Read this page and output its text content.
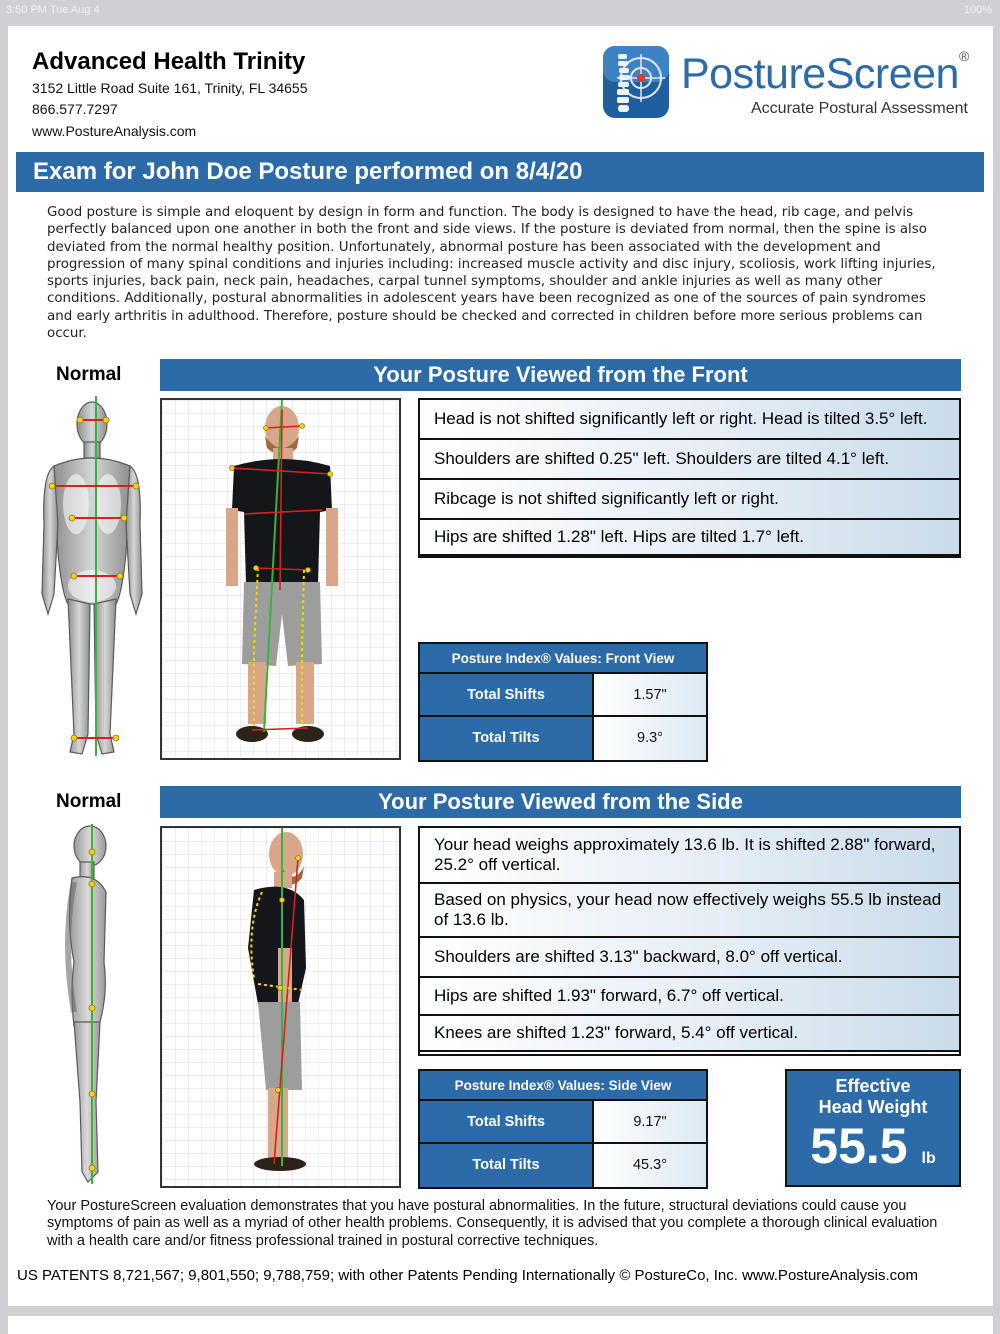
3:50 PM Tue Aug 4	100%
Advanced Health Trinity
3152 Little Road Suite 161, Trinity, FL 34655
866.577.7297
www.PostureAnalysis.com
PostureScreen ®
Accurate Postural Assessment
Exam for John Doe Posture performed on 8/4/20
Good posture is simple and eloquent by design in form and function. The body is designed to have the head, rib cage, and pelvis perfectly balanced upon one another in both the front and side views. If the posture is deviated from normal, then the spine is also deviated from the normal healthy position. Unfortunately, abnormal posture has been associated with the development and progression of many spinal conditions and injuries including: increased muscle activity and disc injury, scoliosis, work lifting injuries, sports injuries, back pain, neck pain, headaches, carpal tunnel symptoms, shoulder and ankle injuries as well as many other conditions. Additionally, postural abnormalities in adolescent years have been recognized as one of the sources of pain syndromes and early arthritis in adulthood. Therefore, posture should be checked and corrected in children before more serious problems can occur.
Normal	Your Posture Viewed from the Front
Head is not shifted significantly left or right. Head is tilted 3.5° left.
Shoulders are shifted 0.25" left. Shoulders are tilted 4.1° left.
Ribcage is not shifted significantly left or right.
Hips are shifted 1.28" left. Hips are tilted 1.7° left.
Posture Index® Values: Front View
Total Shifts	1.57"
Total Tilts	9.3°
Normal	Your Posture Viewed from the Side
Your head weighs approximately 13.6 lb. It is shifted 2.88" forward, 25.2° off vertical.
Based on physics, your head now effectively weighs 55.5 lb instead of 13.6 lb.
Shoulders are shifted 3.13" backward, 8.0° off vertical.
Hips are shifted 1.93" forward, 6.7° off vertical.
Knees are shifted 1.23" forward, 5.4° off vertical.
Posture Index® Values: Side View
Total Shifts	9.17"
Total Tilts	45.3°
Effective
Head Weight
55.5 lb
Your PostureScreen evaluation demonstrates that you have postural abnormalities. In the future, structural deviations could cause you symptoms of pain as well as a myriad of other health problems. Consequently, it is advised that you complete a thorough clinical evaluation with a health care and/or fitness professional trained in postural corrective techniques.
US PATENTS 8,721,567; 9,801,550; 9,788,759; with other Patents Pending Internationally © PostureCo, Inc. www.PostureAnalysis.com
